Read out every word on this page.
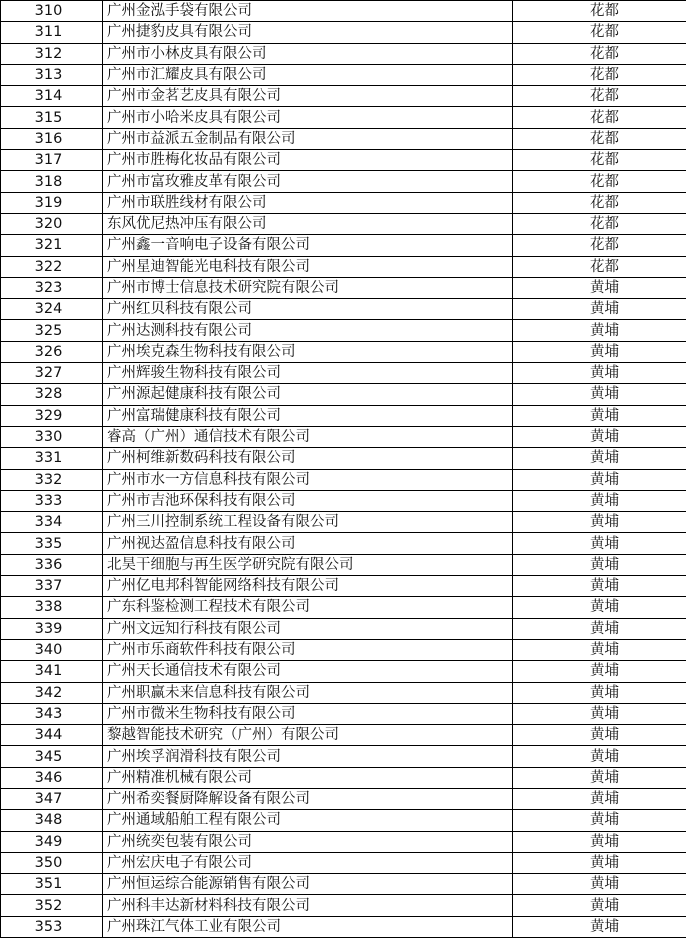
310	广州金泓手袋有限公司	花都
311	广州捷豹皮具有限公司	花都
312	广州市小林皮具有限公司	花都
313	广州市汇耀皮具有限公司	花都
314	广州市金茗艺皮具有限公司	花都
315	广州市小哈米皮具有限公司	花都
316	广州市益派五金制品有限公司	花都
317	广州市胜梅化妆品有限公司	花都
318	广州市富玫雅皮革有限公司	花都
319	广州市联胜线材有限公司	花都
320	东风优尼热冲压有限公司	花都
321	广州鑫一音响电子设备有限公司	花都
322	广州星迪智能光电科技有限公司	花都
323	广州市博士信息技术研究院有限公司	黄埔
324	广州红贝科技有限公司	黄埔
325	广州达测科技有限公司	黄埔
326	广州埃克森生物科技有限公司	黄埔
327	广州辉骏生物科技有限公司	黄埔
328	广州源起健康科技有限公司	黄埔
329	广州富瑞健康科技有限公司	黄埔
330	睿高（广州）通信技术有限公司	黄埔
331	广州柯维新数码科技有限公司	黄埔
332	广州市水一方信息科技有限公司	黄埔
333	广州市吉池环保科技有限公司	黄埔
334	广州三川控制系统工程设备有限公司	黄埔
335	广州视达盈信息科技有限公司	黄埔
336	北昊干细胞与再生医学研究院有限公司	黄埔
337	广州亿电邦科智能网络科技有限公司	黄埔
338	广东科鉴检测工程技术有限公司	黄埔
339	广州文远知行科技有限公司	黄埔
340	广州市乐商软件科技有限公司	黄埔
341	广州天长通信技术有限公司	黄埔
342	广州职赢未来信息科技有限公司	黄埔
343	广州市微米生物科技有限公司	黄埔
344	黎越智能技术研究（广州）有限公司	黄埔
345	广州埃孚润滑科技有限公司	黄埔
346	广州精准机械有限公司	黄埔
347	广州希奕餐厨降解设备有限公司	黄埔
348	广州通域船舶工程有限公司	黄埔
349	广州统奕包装有限公司	黄埔
350	广州宏庆电子有限公司	黄埔
351	广州恒运综合能源销售有限公司	黄埔
352	广州科丰达新材料科技有限公司	黄埔
353	广州珠江气体工业有限公司	黄埔
